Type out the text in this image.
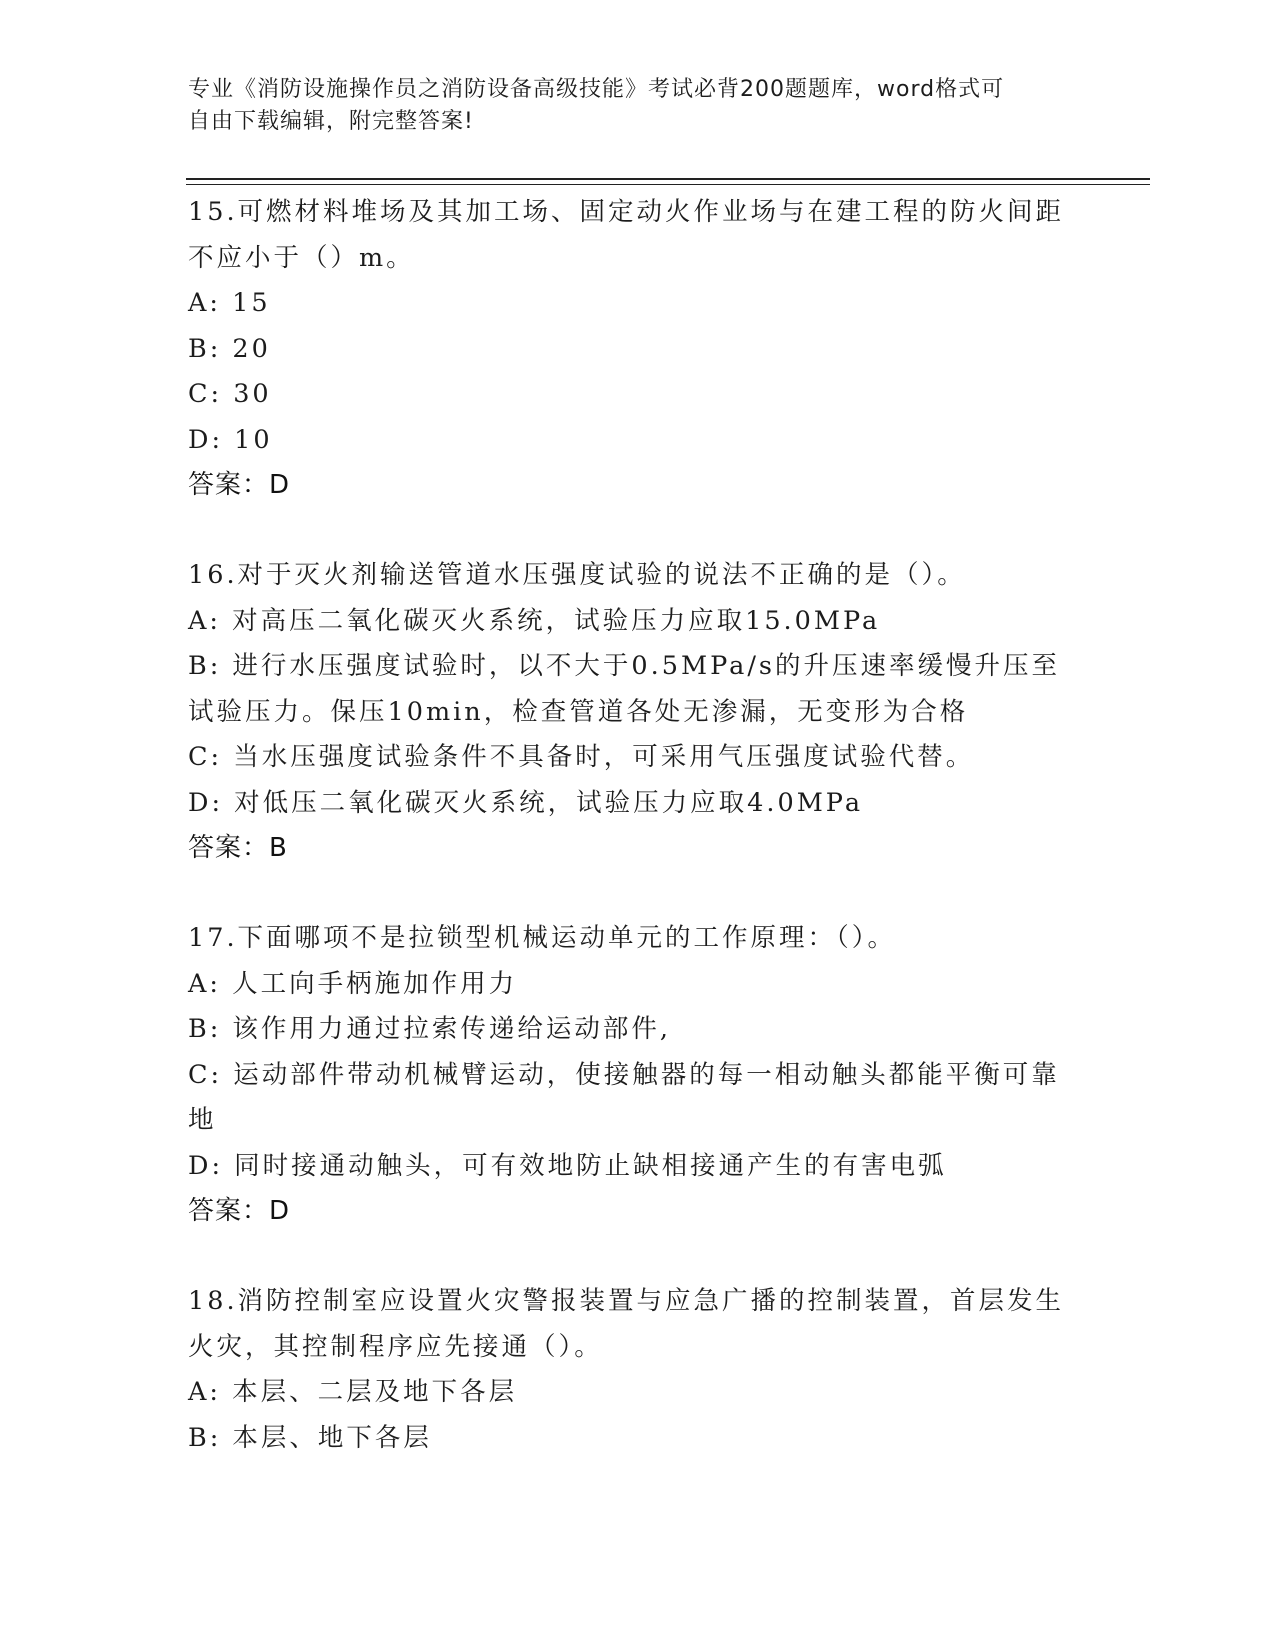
专业《消防设施操作员之消防设备高级技能》考试必背200题题库，word格式可
自由下载编辑，附完整答案!
15.可燃材料堆场及其加工场、固定动火作业场与在建工程的防火间距
不应小于（）m。
A: 15
B: 20
C: 30
D: 10
答案：D
16.对于灭火剂输送管道水压强度试验的说法不正确的是（）。
A: 对高压二氧化碳灭火系统，试验压力应取15.0MPa
B: 进行水压强度试验时，以不大于0.5MPa/s的升压速率缓慢升压至
试验压力。保压10min，检查管道各处无渗漏，无变形为合格
C: 当水压强度试验条件不具备时，可采用气压强度试验代替。
D: 对低压二氧化碳灭火系统，试验压力应取4.0MPa
答案：B
17.下面哪项不是拉锁型机械运动单元的工作原理：（）。
A: 人工向手柄施加作用力
B: 该作用力通过拉索传递给运动部件,
C: 运动部件带动机械臂运动，使接触器的每一相动触头都能平衡可靠
地
D: 同时接通动触头，可有效地防止缺相接通产生的有害电弧
答案：D
18.消防控制室应设置火灾警报装置与应急广播的控制装置，首层发生
火灾，其控制程序应先接通（）。
A: 本层、二层及地下各层
B: 本层、地下各层
